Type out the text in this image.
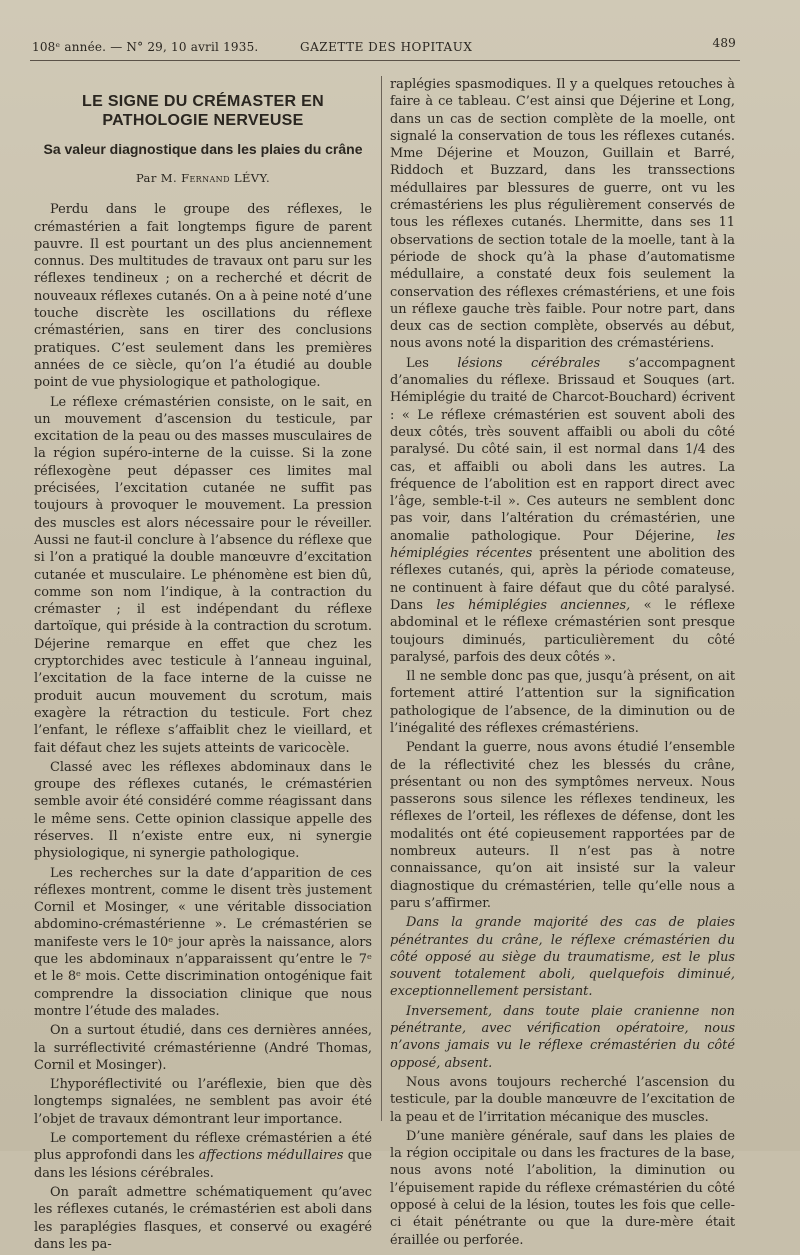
108ᵉ année. — N° 29, 10 avril 1935.	GAZETTE DES HOPITAUX	489
LE SIGNE DU CRÉMASTER EN PATHOLOGIE NERVEUSE
Sa valeur diagnostique dans les plaies du crâne
Par M. Fernand LÉVY.

Perdu dans le groupe des réflexes, le crémastérien a fait longtemps figure de parent pauvre. Il est pourtant un des plus anciennement connus. Des multitudes de travaux ont paru sur les réflexes tendineux ; on a recherché et décrit de nouveaux réflexes cutanés. On a à peine noté d’une touche discrète les oscillations du réflexe crémastérien, sans en tirer des conclusions pratiques. C’est seulement dans les premières années de ce siècle, qu’on l’a étudié au double point de vue physiologique et pathologique.

Le réflexe crémastérien consiste, on le sait, en un mouvement d’ascension du testicule, par excitation de la peau ou des masses musculaires de la région supéro-interne de la cuisse. Si la zone réflexogène peut dépasser ces limites mal précisées, l’excitation cutanée ne suffit pas toujours à provoquer le mouvement. La pression des muscles est alors nécessaire pour le réveiller. Aussi ne faut-il conclure à l’absence du réflexe que si l’on a pratiqué la double manœuvre d’excitation cutanée et musculaire. Le phénomène est bien dû, comme son nom l’indique, à la contraction du crémaster ; il est indépendant du réflexe dartoïque, qui préside à la contraction du scrotum. Déjerine remarque en effet que chez les cryptorchides avec testicule à l’anneau inguinal, l’excitation de la face interne de la cuisse ne produit aucun mouvement du scrotum, mais exagère la rétraction du testicule. Fort chez l’enfant, le réflexe s’affaiblit chez le vieillard, et fait défaut chez les sujets atteints de varicocèle.

Classé avec les réflexes abdominaux dans le groupe des réflexes cutanés, le crémastérien semble avoir été considéré comme réagissant dans le même sens. Cette opinion classique appelle des réserves. Il n’existe entre eux, ni synergie physiologique, ni synergie pathologique.

Les recherches sur la date d’apparition de ces réflexes montrent, comme le disent très justement Cornil et Mosinger, « une véritable dissociation abdomino-crémastérienne ». Le crémastérien se manifeste vers le 10ᵉ jour après la naissance, alors que les abdominaux n’apparaissent qu’entre le 7ᵉ et le 8ᵉ mois. Cette discrimination ontogénique fait comprendre la dissociation clinique que nous montre l’étude des malades.

On a surtout étudié, dans ces dernières années, la surréflectivité crémastérienne (André Thomas, Cornil et Mosinger).

L’hyporéflectivité ou l’aréflexie, bien que dès longtemps signalées, ne semblent pas avoir été l’objet de travaux démontrant leur importance.

Le comportement du réflexe crémastérien a été plus approfondi dans les affections médullaires que dans les lésions cérébrales.

On paraît admettre schématiquement qu’avec les réflexes cutanés, le crémastérien est aboli dans les paraplégies flasques, et conservé ou exagéré dans les pa-

raplégies spasmodiques. Il y a quelques retouches à faire à ce tableau. C’est ainsi que Déjerine et Long, dans un cas de section complète de la moelle, ont signalé la conservation de tous les réflexes cutanés. Mme Déjerine et Mouzon, Guillain et Barré, Riddoch et Buzzard, dans les transsections médullaires par blessures de guerre, ont vu les crémastériens les plus régulièrement conservés de tous les réflexes cutanés. Lhermitte, dans ses 11 observations de section totale de la moelle, tant à la période de shock qu’à la phase d’automatisme médullaire, a constaté deux fois seulement la conservation des réflexes crémastériens, et une fois un réflexe gauche très faible. Pour notre part, dans deux cas de section complète, observés au début, nous avons noté la disparition des crémastériens.

Les lésions cérébrales s’accompagnent d’anomalies du réflexe. Brissaud et Souques (art. Hémiplégie du traité de Charcot-Bouchard) écrivent : « Le réflexe crémastérien est souvent aboli des deux côtés, très souvent affaibli ou aboli du côté paralysé. Du côté sain, il est normal dans 1/4 des cas, et affaibli ou aboli dans les autres. La fréquence de l’abolition est en rapport direct avec l’âge, semble-t-il ». Ces auteurs ne semblent donc pas voir, dans l’altération du crémastérien, une anomalie pathologique. Pour Déjerine, les hémiplégies récentes présentent une abolition des réflexes cutanés, qui, après la période comateuse, ne continuent à faire défaut que du côté paralysé. Dans les hémiplégies anciennes, « le réflexe abdominal et le réflexe crémastérien sont presque toujours diminués, particulièrement du côté paralysé, parfois des deux côtés ».

Il ne semble donc pas que, jusqu’à présent, on ait fortement attiré l’attention sur la signification pathologique de l’absence, de la diminution ou de l’inégalité des réflexes crémastériens.

Pendant la guerre, nous avons étudié l’ensemble de la réflectivité chez les blessés du crâne, présentant ou non des symptômes nerveux. Nous passerons sous silence les réflexes tendineux, les réflexes de l’orteil, les réflexes de défense, dont les modalités ont été copieusement rapportées par de nombreux auteurs. Il n’est pas à notre connaissance, qu’on ait insisté sur la valeur diagnostique du crémastérien, telle qu’elle nous a paru s’affirmer.

Dans la grande majorité des cas de plaies pénétrantes du crâne, le réflexe crémastérien du côté opposé au siège du traumatisme, est le plus souvent totalement aboli, quelquefois diminué, exceptionnellement persistant.

Inversement, dans toute plaie cranienne non pénétrante, avec vérification opératoire, nous n’avons jamais vu le réflexe crémastérien du côté opposé, absent.

Nous avons toujours recherché l’ascension du testicule, par la double manœuvre de l’excitation de la peau et de l’irritation mécanique des muscles.

D’une manière générale, sauf dans les plaies de la région occipitale ou dans les fractures de la base, nous avons noté l’abolition, la diminution ou l’épuisement rapide du réflexe crémastérien du côté opposé à celui de la lésion, toutes les fois que celle-ci était pénétrante ou que la dure-mère était éraillée ou perforée.
